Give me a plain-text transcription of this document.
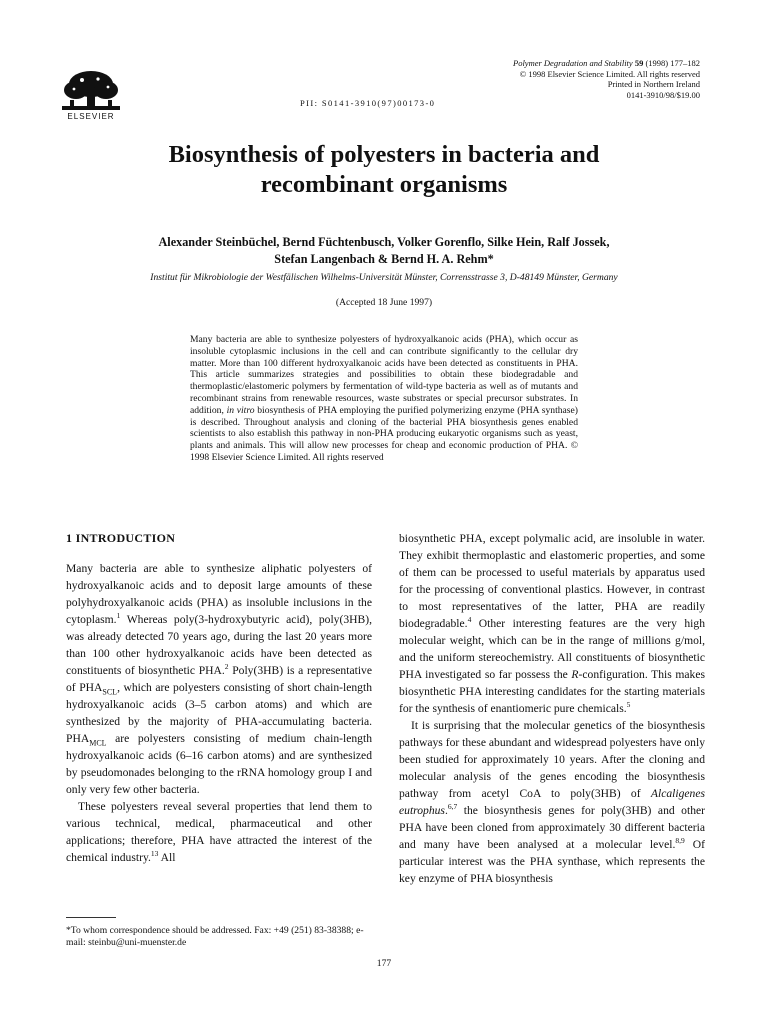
ELSEVIER
PII: S0141-3910(97)00173-0
Polymer Degradation and Stability 59 (1998) 177–182
© 1998 Elsevier Science Limited. All rights reserved
Printed in Northern Ireland
0141-3910/98/$19.00
Biosynthesis of polyesters in bacteria and
recombinant organisms
Alexander Steinbüchel, Bernd Füchtenbusch, Volker Gorenflo, Silke Hein, Ralf Jossek,
Stefan Langenbach & Bernd H. A. Rehm*
Institut für Mikrobiologie der Westfälischen Wilhelms-Universität Münster, Corrensstrasse 3, D-48149 Münster, Germany
(Accepted 18 June 1997)
Many bacteria are able to synthesize polyesters of hydroxyalkanoic acids (PHA), which occur as insoluble cytoplasmic inclusions in the cell and can contribute significantly to the cellular dry matter. More than 100 different hydroxyalkanoic acids have been detected as constituents in PHA. This article summarizes strategies and possibilities to obtain these biodegradable and thermoplastic/elastomeric polymers by fermentation of wild-type bacteria as well as of mutants and recombinant strains from renewable resources, waste substrates or special precursor substrates. In addition, in vitro biosynthesis of PHA employing the purified polymerizing enzyme (PHA synthase) is described. Throughout analysis and cloning of the bacterial PHA biosynthesis genes enabled scientists to also establish this pathway in non-PHA producing eukaryotic organisms such as yeast, plants and animals. This will allow new processes for cheap and economic production of PHA. © 1998 Elsevier Science Limited. All rights reserved
1 INTRODUCTION

Many bacteria are able to synthesize aliphatic polyesters of hydroxyalkanoic acids and to deposit large amounts of these polyhydroxyalkanoic acids (PHA) as insoluble inclusions in the cytoplasm.$^1$ Whereas poly(3-hydroxybutyric acid), poly(3HB), was already detected 70 years ago, during the last 20 years more than 100 other hydroxyalkanoic acids have been detected as constituents of biosynthetic PHA.$^2$ Poly(3HB) is a representative of $PHA_{SCL}$, which are polyesters consisting of short chain-length hydroxyalkanoic acids (3–5 carbon atoms) and which are synthesized by the majority of PHA-accumulating bacteria. $PHA_{MCL}$ are polyesters consisting of medium chain-length hydroxyalkanoic acids (6–16 carbon atoms) and are synthesized by pseudomonades belonging to the rRNA homology group I and only very few other bacteria.

These polyesters reveal several properties that lend them to various technical, medical, pharmaceutical and other applications; therefore, PHA have attracted the interest of the chemical industry.$^{13}$ All

biosynthetic PHA, except polymalic acid, are insoluble in water. They exhibit thermoplastic and elastomeric properties, and some of them can be processed to useful materials by apparatus used for the processing of conventional plastics. However, in contrast to most representatives of the latter, PHA are readily biodegradable.$^4$ Other interesting features are the very high molecular weight, which can be in the range of millions g/mol, and the uniform stereochemistry. All constituents of biosynthetic PHA investigated so far possess the R-configuration. This makes biosynthetic PHA interesting candidates for the starting materials for the synthesis of enantiomeric pure chemicals.$^5$

It is surprising that the molecular genetics of the biosynthesis pathways for these abundant and widespread polyesters have only been studied for approximately 10 years. After the cloning and molecular analysis of the genes encoding the biosynthesis pathway from acetyl CoA to poly(3HB) of Alcaligenes eutrophus.$^{6,7}$ the biosynthesis genes for poly(3HB) and other PHA have been cloned from approximately 30 different bacteria and many have been analysed at a molecular level.$^{8,9}$ Of particular interest was the PHA synthase, which represents the key enzyme of PHA biosynthesis

*To whom correspondence should be addressed. Fax: +49 (251) 83-38388; e-mail: steinbu@uni-muenster.de
177
